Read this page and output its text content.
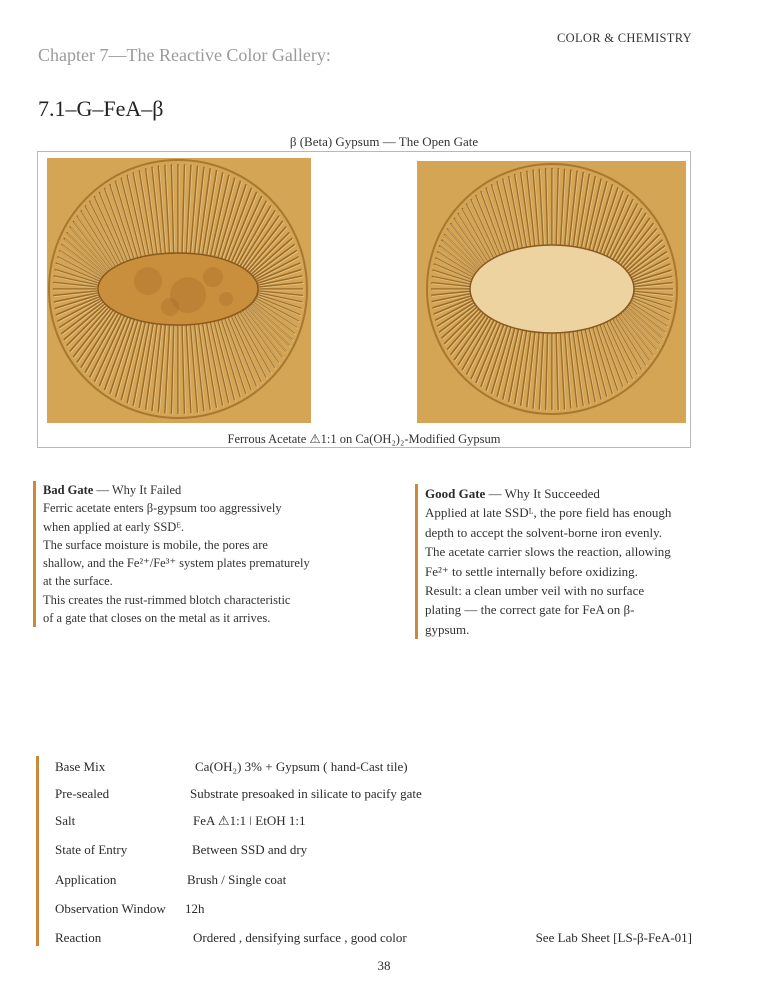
COLOR & CHEMISTRY
Chapter 7—The Reactive Color Gallery:
7.1–G–FeA–β
β (Beta) Gypsum — The Open Gate
Ferrous Acetate ⚠1:1 on Ca(OH₂)₂-Modified Gypsum
Bad Gate — Why It Failed
Ferric acetate enters β-gypsum too aggressively
when applied at early SSDᴱ.
The surface moisture is mobile, the pores are
shallow, and the Fe²⁺/Fe³⁺ system plates prematurely
at the surface.
This creates the rust-rimmed blotch characteristic
of a gate that closes on the metal as it arrives.
Good Gate — Why It Succeeded
Applied at late SSDᴸ, the pore field has enough
depth to accept the solvent-borne iron evenly.
The acetate carrier slows the reaction, allowing
Fe²⁺ to settle internally before oxidizing.
Result: a clean umber veil with no surface
plating — the correct gate for FeA on β-
gypsum.
Base Mix	Ca(OH₂) 3% + Gypsum ( hand-Cast tile)
Pre-sealed	Substrate presoaked in silicate to pacify gate
Salt	FeA ⚠1:1 ǀ EtOH 1:1
State of Entry	Between SSD and dry
Application	Brush / Single coat
Observation Window 12h
Reaction	Ordered , densifying surface , good color	See Lab Sheet [LS-β-FeA-01]
38
